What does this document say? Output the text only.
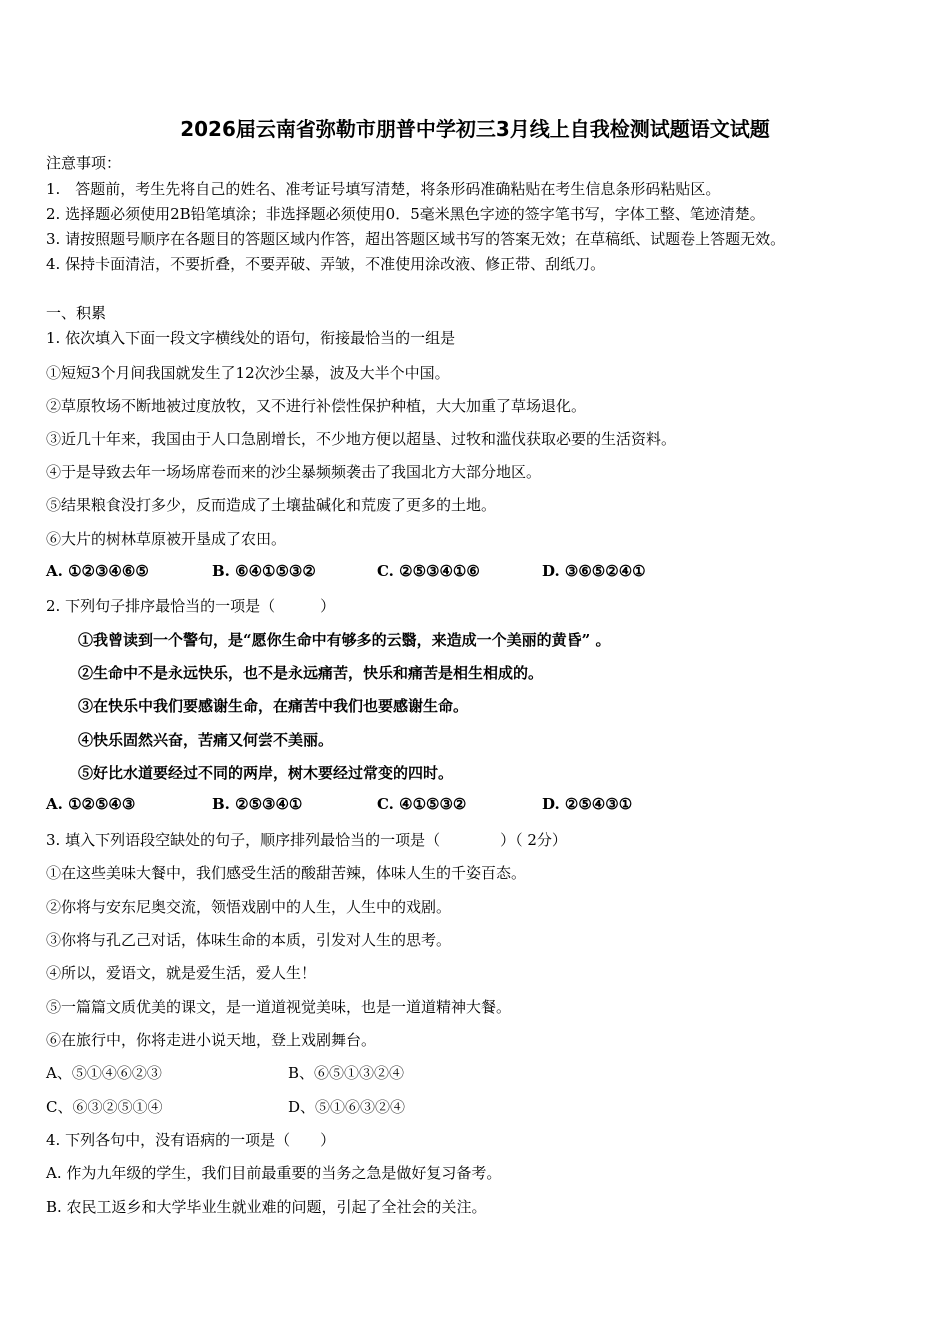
2026届云南省弥勒市朋普中学初三3月线上自我检测试题语文试题
注意事项：
1.　答题前，考生先将自己的姓名、准考证号填写清楚，将条形码准确粘贴在考生信息条形码粘贴区。
2. 选择题必须使用2B铅笔填涂；非选择题必须使用0．5毫米黑色字迹的签字笔书写，字体工整、笔迹清楚。
3. 请按照题号顺序在各题目的答题区域内作答，超出答题区域书写的答案无效；在草稿纸、试题卷上答题无效。
4. 保持卡面清洁，不要折叠，不要弄破、弄皱，不准使用涂改液、修正带、刮纸刀。
一、积累
1. 依次填入下面一段文字横线处的语句，衔接最恰当的一组是
①短短3个月间我国就发生了12次沙尘暴，波及大半个中国。
②草原牧场不断地被过度放牧，又不进行补偿性保护种植，大大加重了草场退化。
③近几十年来，我国由于人口急剧增长，不少地方便以超垦、过牧和滥伐获取必要的生活资料。
④于是导致去年一场场席卷而来的沙尘暴频频袭击了我国北方大部分地区。
⑤结果粮食没打多少，反而造成了土壤盐碱化和荒废了更多的土地。
⑥大片的树林草原被开垦成了农田。
A. ①②③④⑥⑤	B. ⑥④①⑤③②	C. ②⑤③④①⑥	D. ③⑥⑤②④①
2. 下列句子排序最恰当的一项是（　　　）
①我曾读到一个警句，是“愿你生命中有够多的云翳，来造成一个美丽的黄昏” 。
②生命中不是永远快乐，也不是永远痛苦，快乐和痛苦是相生相成的。
③在快乐中我们要感谢生命，在痛苦中我们也要感谢生命。
④快乐固然兴奋，苦痛又何尝不美丽。
⑤好比水道要经过不同的两岸，树木要经过常变的四时。
A. ①②⑤④③	B. ②⑤③④①	C. ④①⑤③②	D. ②⑤④③①
3. 填入下列语段空缺处的句子，顺序排列最恰当的一项是（　　　　）（ 2分）
①在这些美味大餐中，我们感受生活的酸甜苦辣，体味人生的千姿百态。
②你将与安东尼奥交流，领悟戏剧中的人生，人生中的戏剧。
③你将与孔乙己对话，体味生命的本质，引发对人生的思考。
④所以，爱语文，就是爱生活，爱人生！
⑤一篇篇文质优美的课文，是一道道视觉美味，也是一道道精神大餐。
⑥在旅行中，你将走进小说天地，登上戏剧舞台。
A、⑤①④⑥②③	B、⑥⑤①③②④
C、⑥③②⑤①④	D、⑤①⑥③②④
4. 下列各句中，没有语病的一项是（　　）
A. 作为九年级的学生，我们目前最重要的当务之急是做好复习备考。
B. 农民工返乡和大学毕业生就业难的问题，引起了全社会的关注。
